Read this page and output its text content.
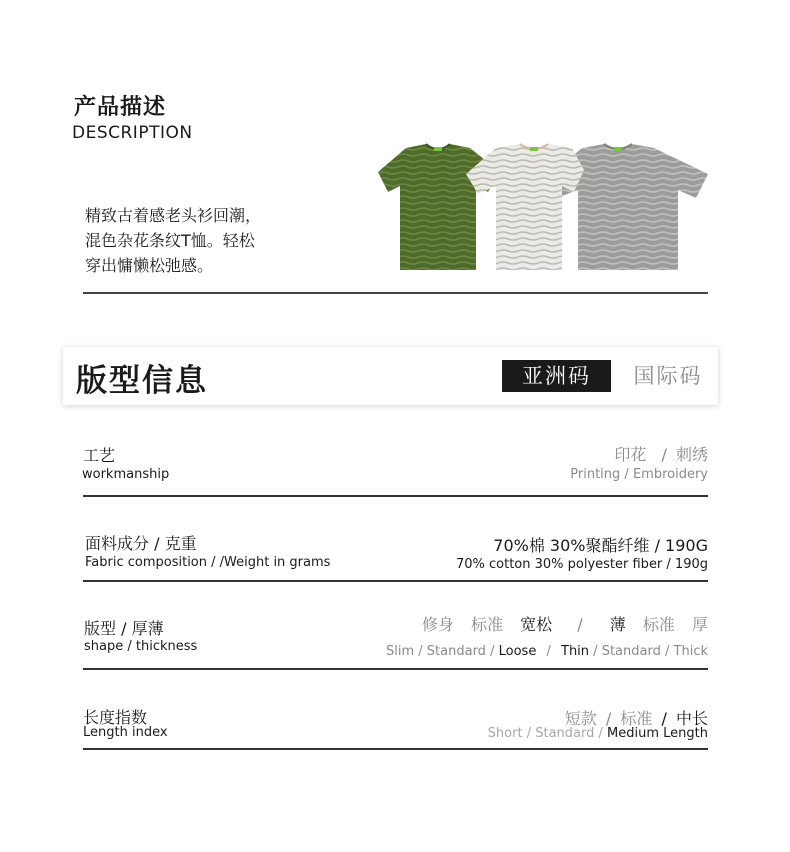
产品描述
DESCRIPTION
精致古着感老头衫回潮，
混色杂花条纹T恤。轻松
穿出慵懒松弛感。
版型信息	亚洲码	国际码
工艺
workmanship
印花 / 刺绣
Printing / Embroidery
面料成分 / 克重
Fabric composition / /Weight in grams
70%棉 30%聚酯纤维 / 190G
70% cotton 30% polyester fiber / 190g
版型 / 厚薄
shape / thickness
修身 标准 宽松 / 薄 标准 厚
Slim / Standard / Loose / Thin / Standard / Thick
长度指数
Length index
短款 / 标准 / 中长
Short / Standard / Medium Length
